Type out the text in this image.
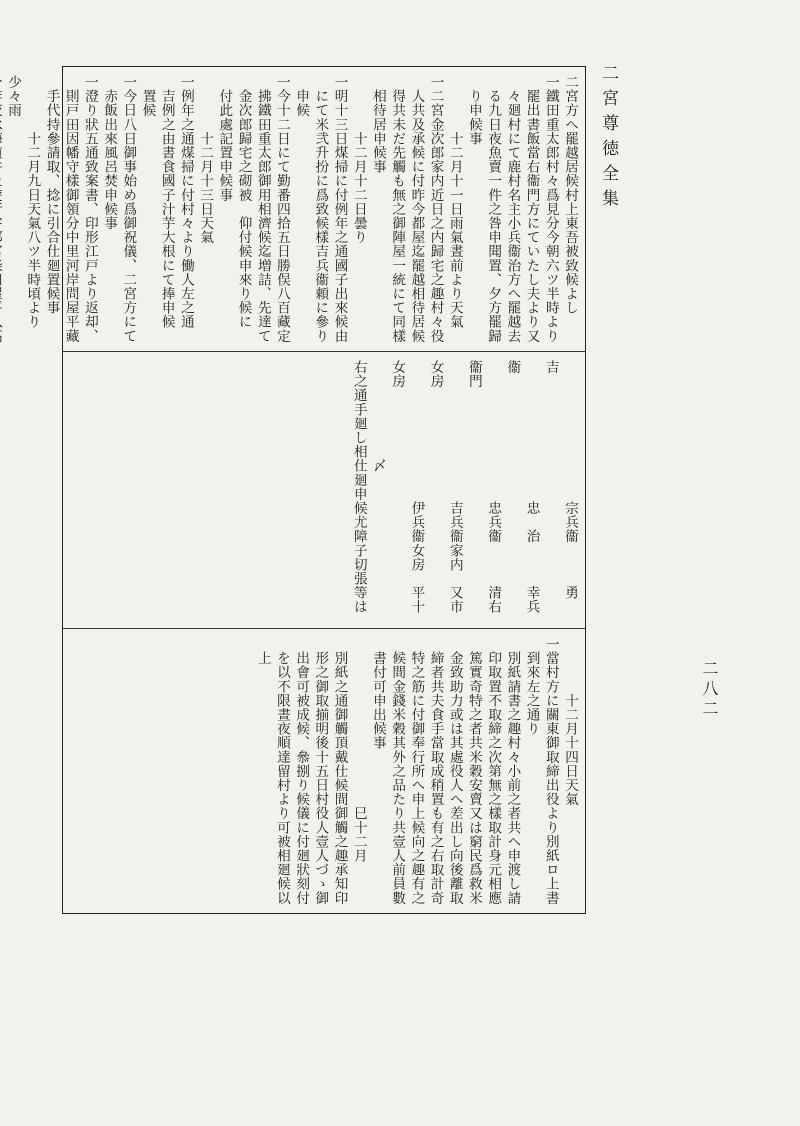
二宮尊徳全集
二八二
二宮方へ罷越居候村上東吾被致候よし
一鐵田重太郎村々爲見分今朝六ツ半時より
　罷出書飯當右衞門方にていたし夫より又
　々廻村にて鹿村名主小兵衞治方へ罷越去
　る九日夜魚賣一件之咎申聞置、夕方罷歸
　り申候事
　　　　十二月十一日雨氣晝前より天氣
一二宮金次郎家内近日之内歸宅之趣村々役
　人共及承候に付昨今都屋迄罷越相待居候
　得共未だ先觸も無之御陣屋一統にて同樣
　相待居申候事
　　　　十二月十二日曇り
一明十三日煤掃に付例年之通國子出來候由
　にて米弐升扮に爲致候樣吉兵衞頼に參り
　申候
一今十二日にて勤番四拾五日勝俣八百藏定
　拂鐵田重太郎御用相濟候迄増詰、先達て
　金次郎歸宅之砌被　仰付候申來り候に
　付此處記置申候事
　　　　十二月十三日天氣
一例年之通煤掃に付村々より働人左之通
　吉例之由書食國子汁芋大根にて捧申候
　置候
一今日八日御事始め爲御祝儀、二宮方にて
　赤飯出來風呂焚申候事
一澄り狀五通致案書、印形江戸より返却、
　則戸田因幡守樣御領分中里河岸問屋平藏
　手代持參請取、捻に引合仕廻置候事
　　　　十二月九日天氣八ツ半時頃より少々雨
　　　　　　　　　　宗兵衞　　　勇　吉
　　　　　　　　　　忠　治　　　幸兵衞
　　　　　　　　　　忠兵衞　　　清右衞門
　　　　　　　　　　吉兵衞家内　又市女房
　　　　　　　　　　伊兵衞女房　平十女房
　　　　　　　〆
右之通手廻し相仕廻申候尤障子切張等は
　　　　十二月十四日天氣
一當村方に關東御取締出役より別紙ロ上書
　到來左之通り
　別紙請書之趣村々小前之者共へ申渡し請
　印取置不取締之次第無之樣取計身元相應
　篤實奇特之者共米穀安賣又は窮民爲救米
　金致助力或は其處役人へ差出し向後離取
　締者共夫食手當取成稍置も有之右取計奇
　特之筋に付御奉行所へ申上候向之趣有之
　候間金錢米穀其外之品たり共壹人前員數
　書付可申出候事
　　　　　　　　　　　　巳十二月
　別紙之通御觸頂戴仕候間御觸之趣承知印
　形之御取揃明後十五日村役人壹人づゝ御
　出會可被成候、叅捌り候儀に付廻狀刻付
　を以不限晝夜順達留村より可被相廻候以
　上
